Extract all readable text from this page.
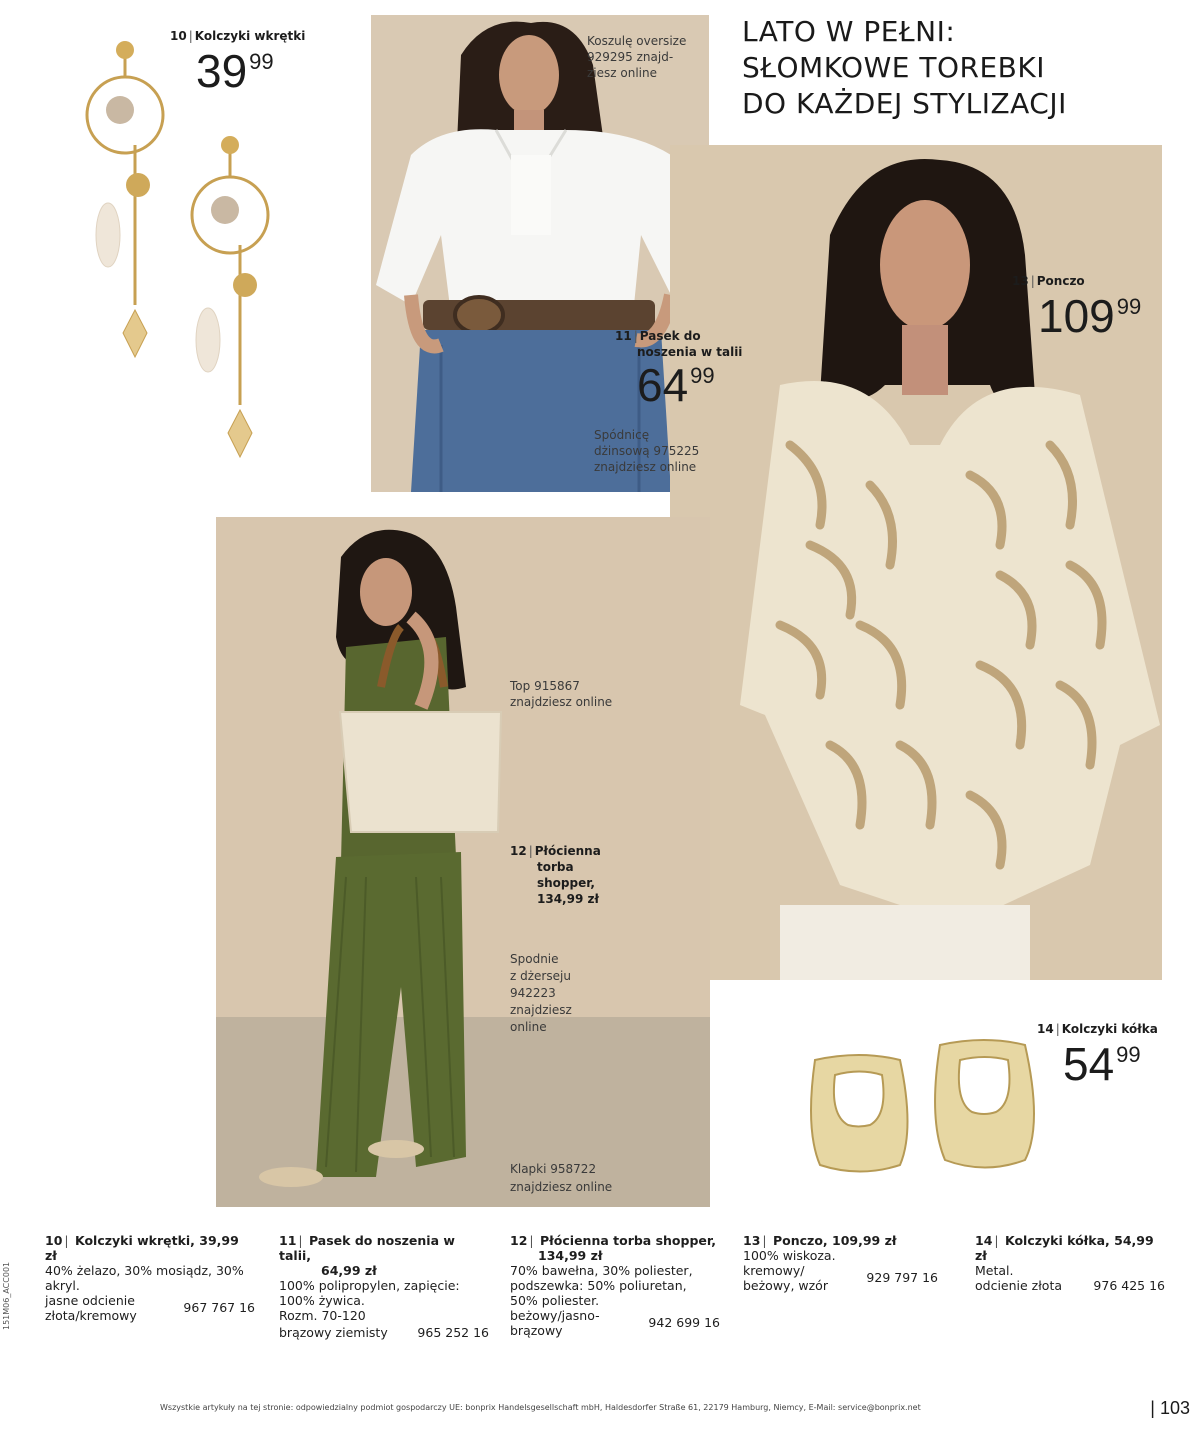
LATO W PEŁNI:
SŁOMKOWE TOREBKI
DO KAŻDEJ STYLIZACJI
10 | Kolczyki wkrętki
3999
11 | Pasek do
noszenia w talii
6499
12 | Płócienna
torba
shopper,
134,99 zł
13 | Ponczo
10999
14 | Kolczyki kółka
5499
Koszulę oversize
929295 znajd-
ziesz online
Spódnicę
dżinsową 975225
znajdziesz online
Top 915867
znajdziesz online
Spodnie
z dżerseju
942223
znajdziesz
online
Klapki 958722
znajdziesz online
10 | Kolczyki wkrętki, 39,99 zł
40% żelazo, 30% mosiądz, 30%
akryl.
jasne odcienie
złota/kremowy
967 767 16
11 | Pasek do noszenia w talii,
64,99 zł
100% polipropylen, zapięcie:
100% żywica.
Rozm. 70-120
brązowy ziemisty 965 252 16
12 | Płócienna torba shopper,
134,99 zł
70% bawełna, 30% poliester,
podszewka: 50% poliuretan,
50% poliester.
beżowy/jasno-
brązowy
942 699 16
13 | Ponczo, 109,99 zł
100% wiskoza.
kremowy/
beżowy, wzór
929 797 16
14 | Kolczyki kółka, 54,99 zł
Metal.
odcienie złota	976 425 16
Wszystkie artykuły na tej stronie: odpowiedzialny podmiot gospodarczy UE: bonprix Handelsgesellschaft mbH, Haldesdorfer Straße 61, 22179 Hamburg, Niemcy, E-Mail: service@bonprix.net	| 103
151M06_ACC001
